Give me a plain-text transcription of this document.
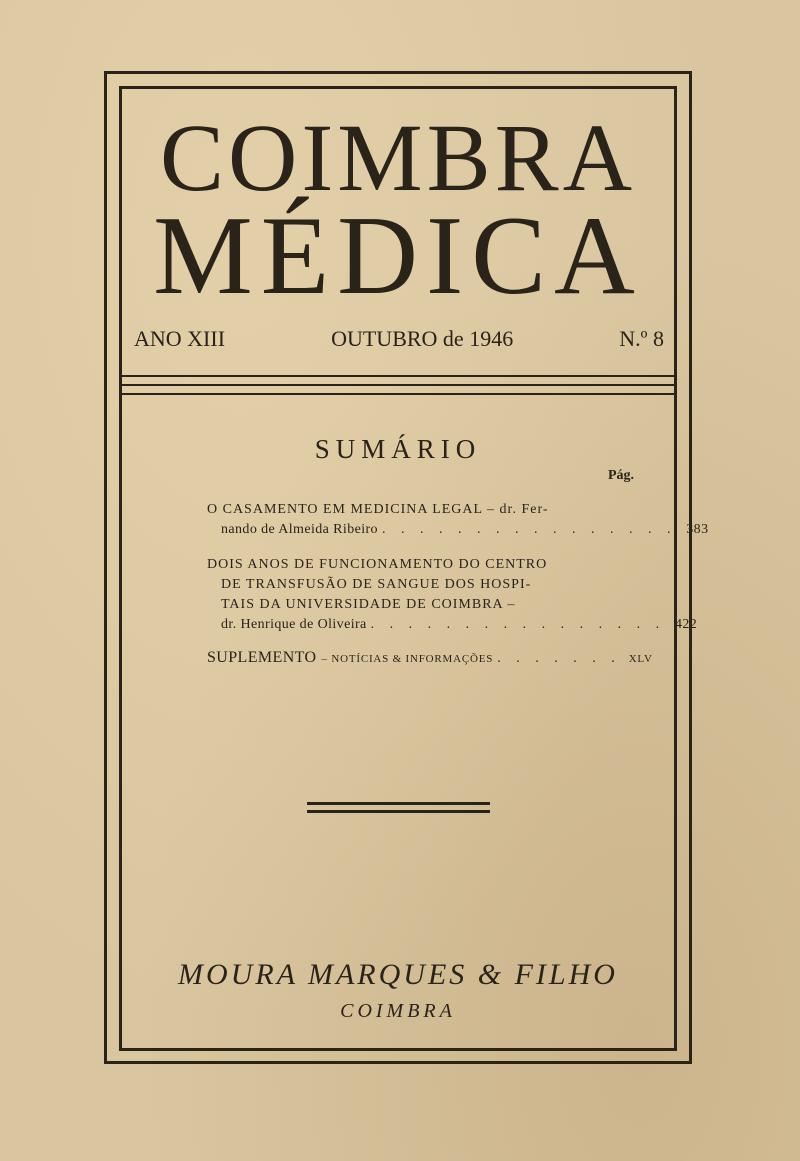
COIMBRA
MÉDICA
ANO XIII	OUTUBRO de 1946	N.º 8
SUMÁRIO
Pág.
O CASAMENTO EM MEDICINA LEGAL – dr. Fer-
nando de Almeida Ribeiro . . . . . . . . . . . . . . . . 383
DOIS ANOS DE FUNCIONAMENTO DO CENTRO
DE TRANSFUSÃO DE SANGUE DOS HOSPI-
TAIS DA UNIVERSIDADE DE COIMBRA –
dr. Henrique de Oliveira . . . . . . . . . . . . . . . . 422
SUPLEMENTO – NOTÍCIAS & INFORMAÇÕES . . . . . . . XLV
MOURA MARQUES & FILHO
COIMBRA
